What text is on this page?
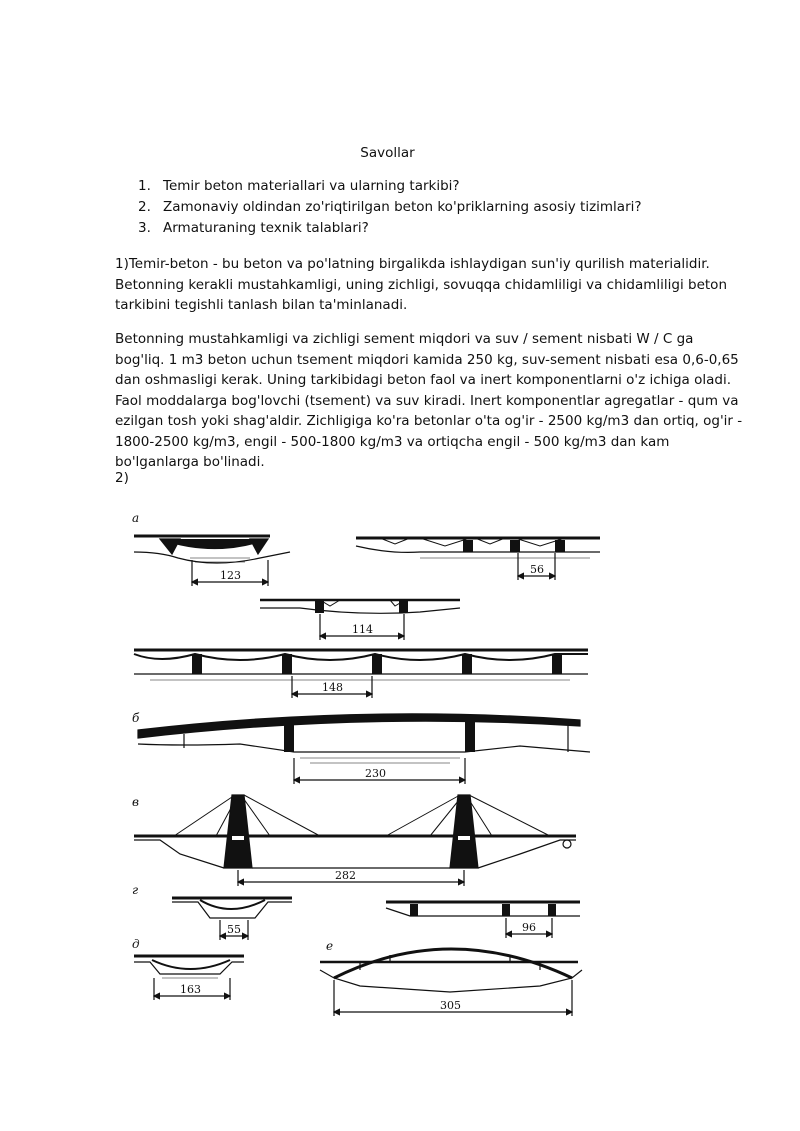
Savollar
1. Temir beton materiallari va ularning tarkibi?
2. Zamonaviy oldindan zo'riqtirilgan beton ko'priklarning asosiy tizimlari?
3. Armaturaning texnik talablari?

1)Temir-beton - bu beton va po'latning birgalikda ishlaydigan sun'iy qurilish materialidir. Betonning kerakli mustahkamligi, uning zichligi, sovuqqa chidamliligi va chidamliligi beton tarkibini tegishli tanlash bilan ta'minlanadi.

Betonning mustahkamligi va zichligi sement miqdori va suv / sement nisbati W / C ga bog'liq. 1 m3 beton uchun tsement miqdori kamida 250 kg, suv-sement nisbati esa 0,6-0,65 dan oshmasligi kerak. Uning tarkibidagi beton faol va inert komponentlarni o'z ichiga oladi. Faol moddalarga bog'lovchi (tsement) va suv kiradi. Inert komponentlar agregatlar - qum va ezilgan tosh yoki shag'aldir. Zichligiga ko'ra betonlar o'ta og'ir - 2500 kg/m3 dan ortiq, og'ir - 1800-2500 kg/m3, engil - 500-1800 kg/m3 va ortiqcha engil - 500 kg/m3 dan kam bo'lganlarga bo'linadi.

2)

а
123	56
114
148
б
230
в
282
г
55	96
д
163
е
305
